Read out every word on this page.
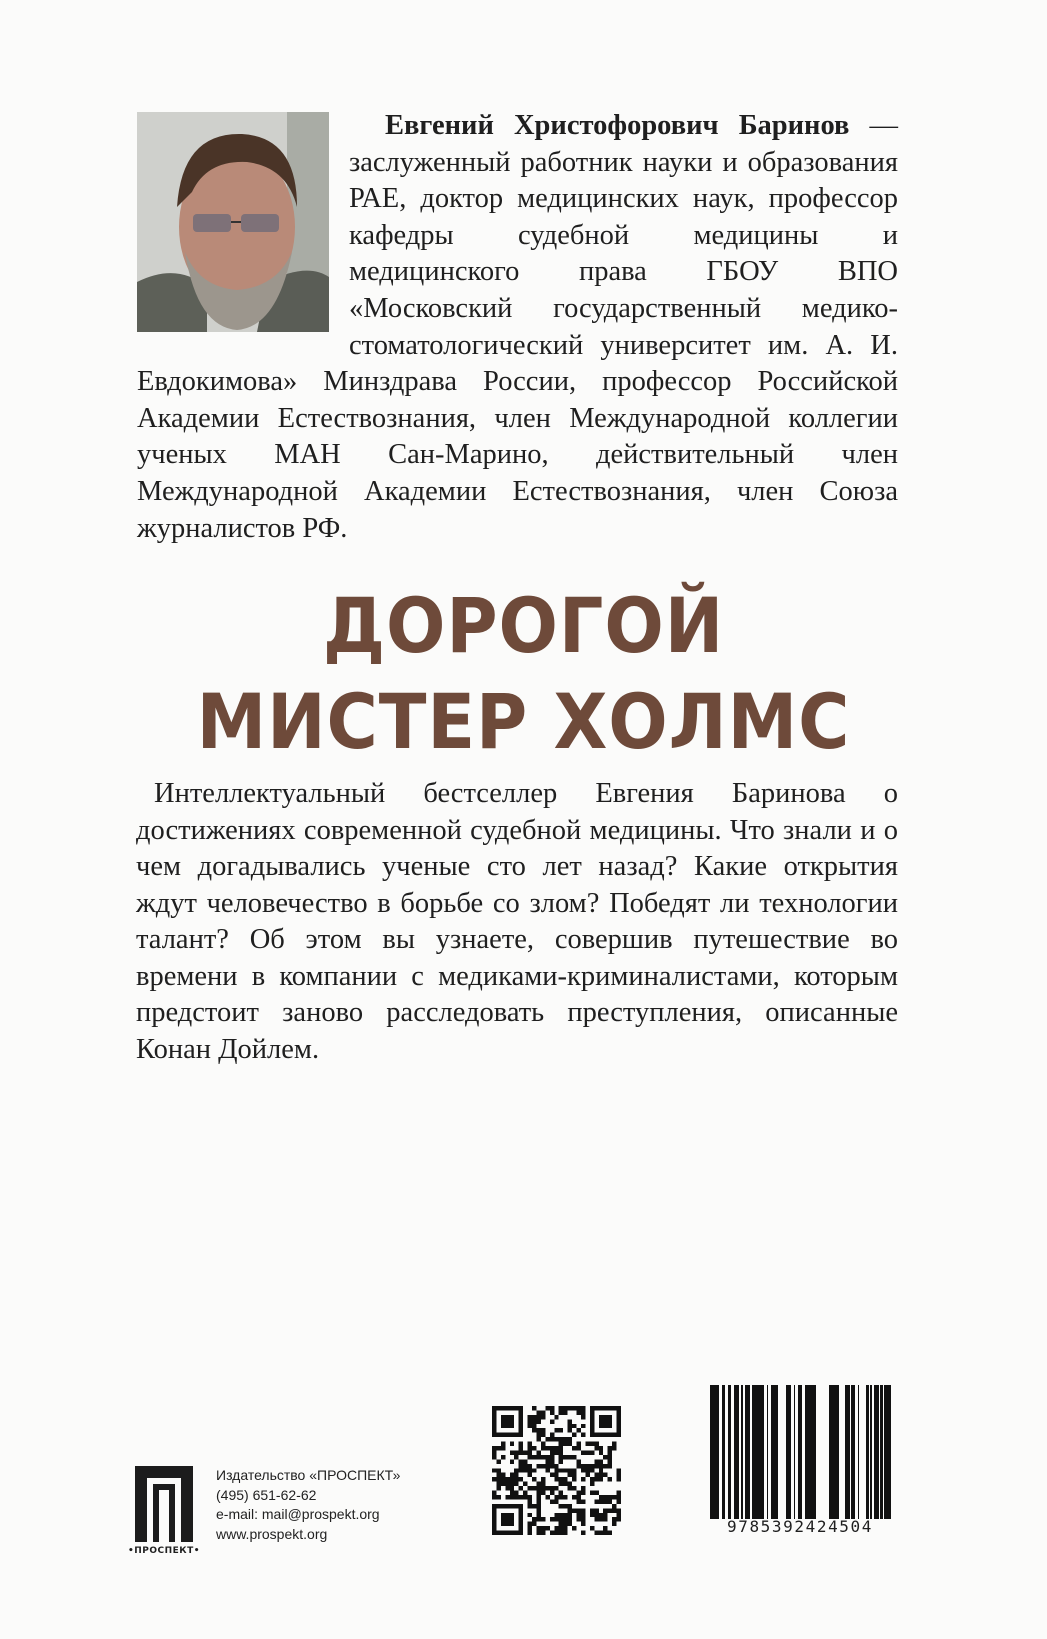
Евгений Христофорович Баринов — заслуженный работник науки и образования РАЕ, доктор медицинских наук, профессор кафедры судебной медицины и медицинского права ГБОУ ВПО «Московский государственный медико-стоматологический университет им. А. И. Евдокимова» Минздрава России, профессор Российской Академии Естествознания, член Международной коллегии ученых МАН Сан-Марино, действительный член Международной Академии Естествознания, член Союза журналистов РФ.

ДОРОГОЙ
МИСТЕР ХОЛМС

Интеллектуальный бестселлер Евгения Баринова о достижениях современной судебной медицины. Что знали и о чем догадывались ученые сто лет назад? Какие открытия ждут человечество в борьбе со злом? Победят ли технологии талант? Об этом вы узнаете, совершив путешествие во времени в компании с медиками-криминалистами, которым предстоит заново расследовать преступления, описанные Конан Дойлем.

•ПРОСПЕКТ•
Издательство «ПРОСПЕКТ»
(495) 651-62-62
e-mail: mail@prospekt.org
www.prospekt.org	9785392424504
